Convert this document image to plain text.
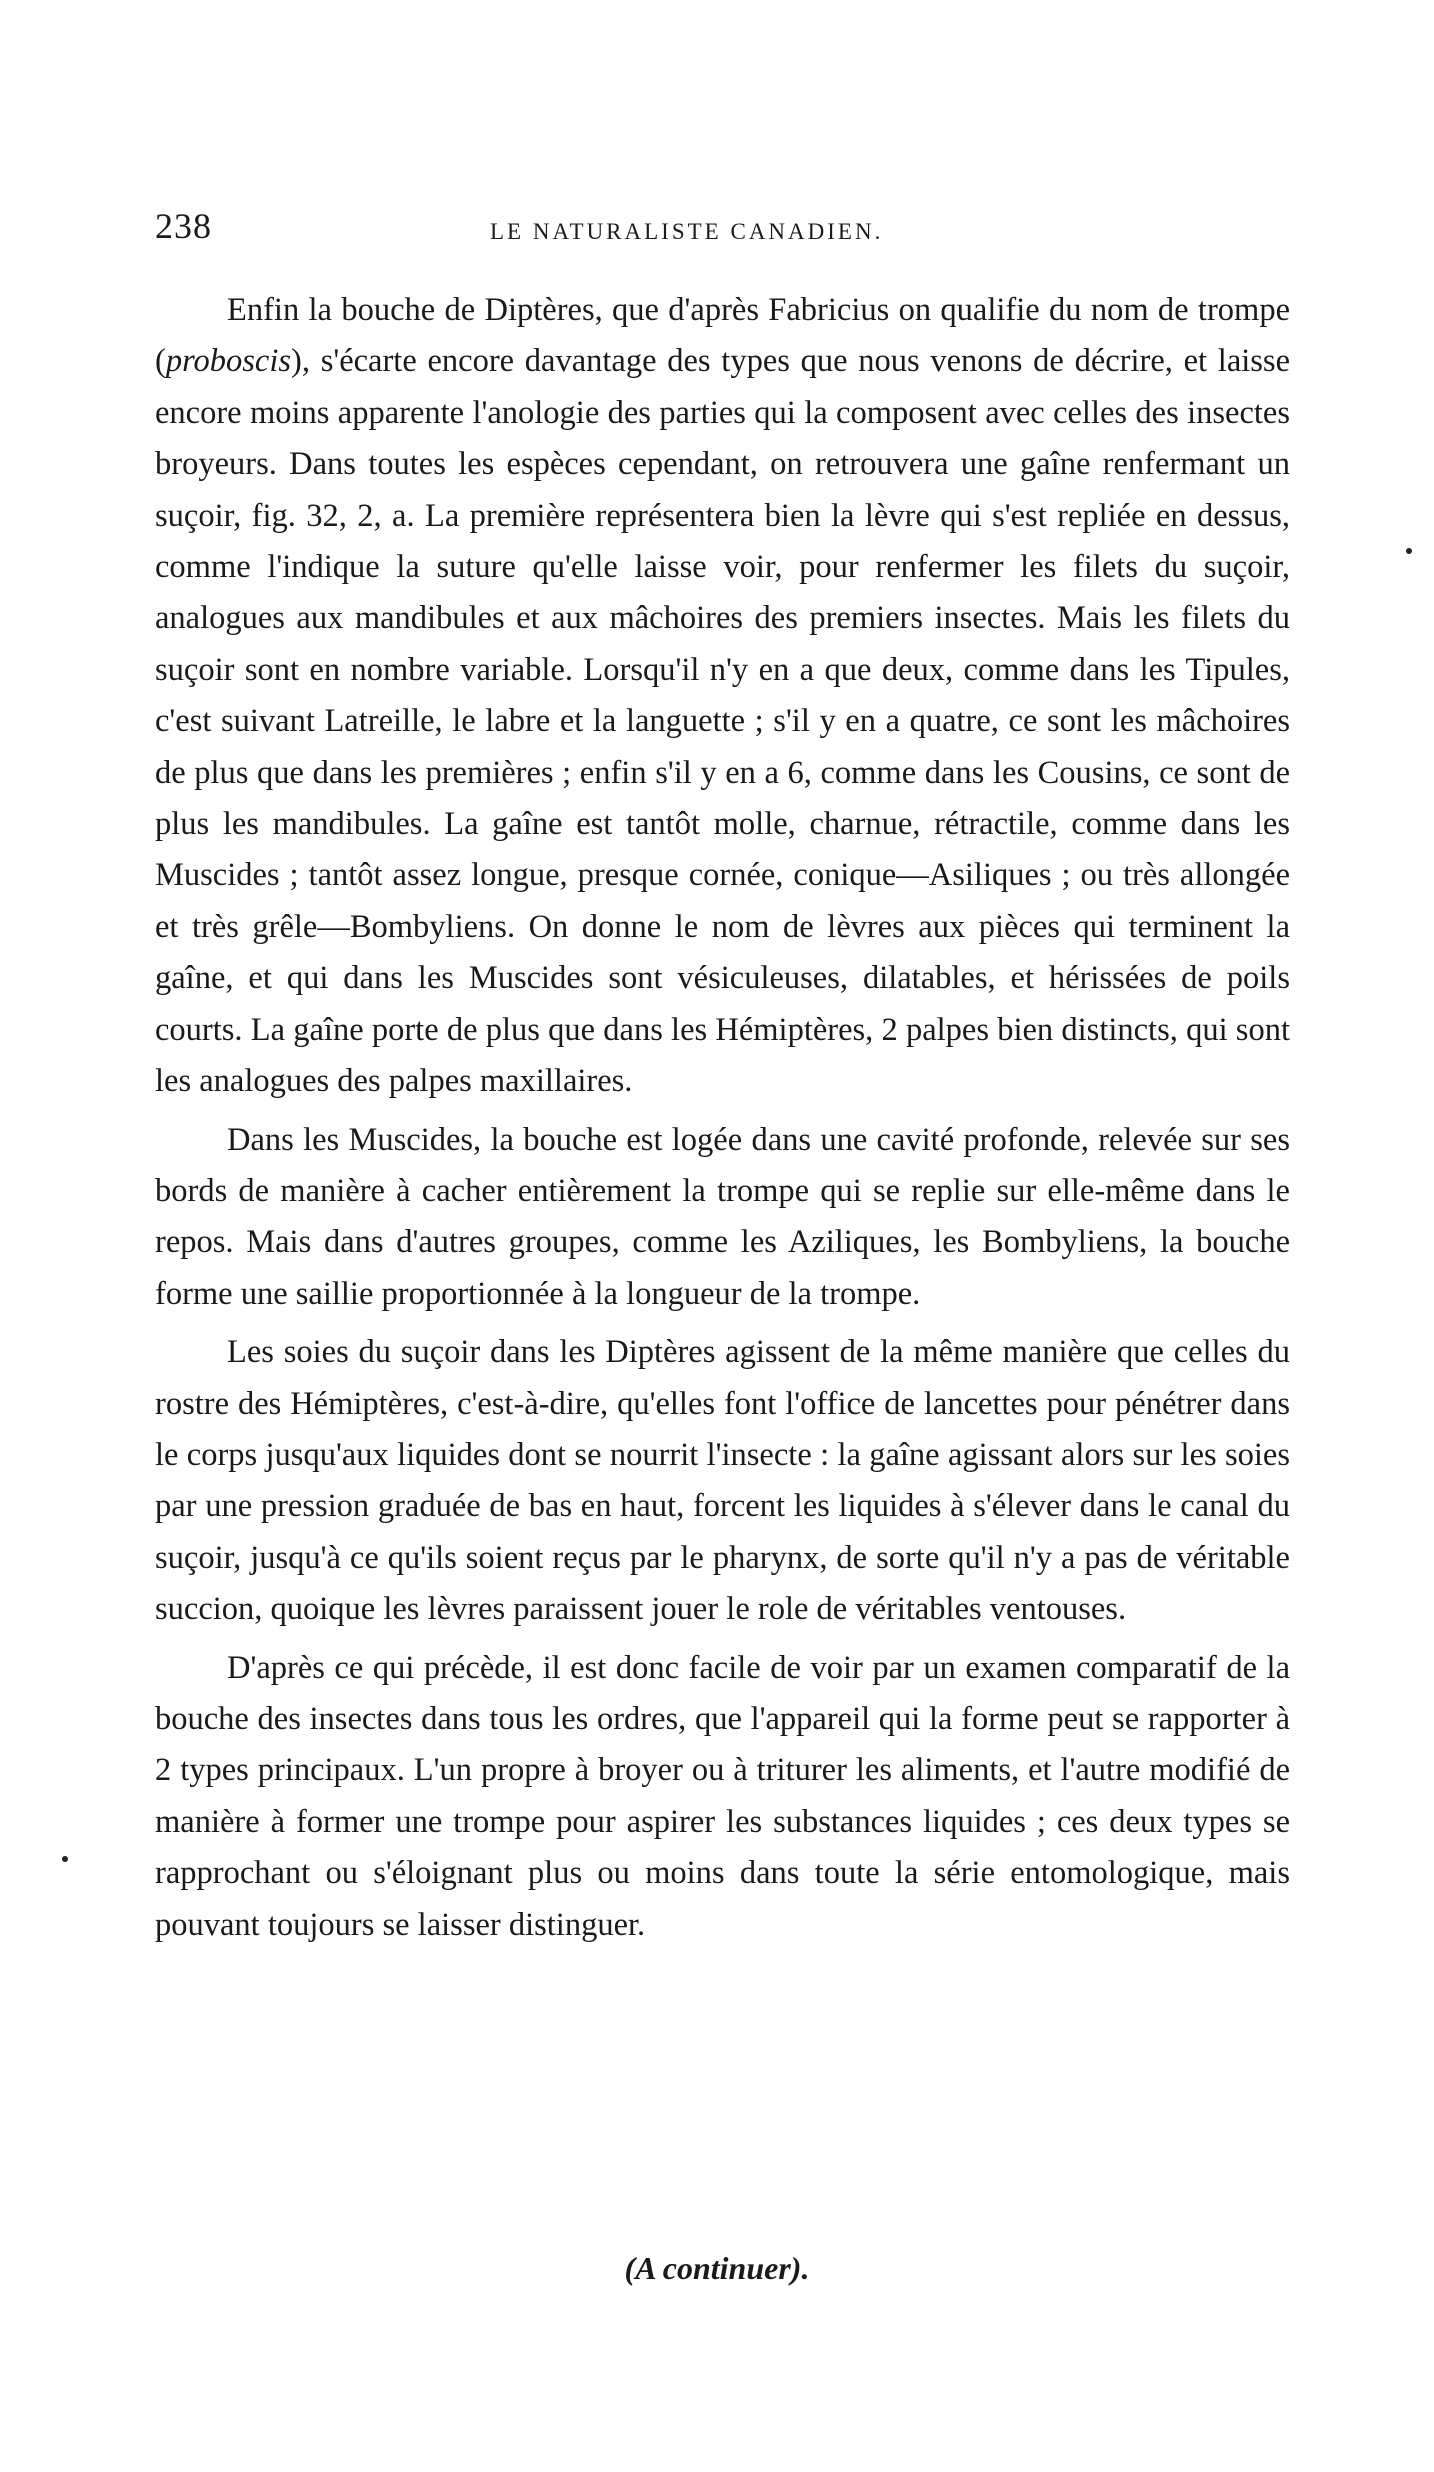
238	LE NATURALISTE CANADIEN.

Enfin la bouche de Diptères, que d'après Fabricius on qualifie du nom de trompe (proboscis), s'écarte encore davantage des types que nous venons de décrire, et laisse encore moins apparente l'anologie des parties qui la composent avec celles des insectes broyeurs. Dans toutes les espèces cependant, on retrouvera une gaîne renfermant un suçoir, fig. 32, 2, a. La première représentera bien la lèvre qui s'est repliée en dessus, comme l'indique la suture qu'elle laisse voir, pour renfermer les filets du suçoir, analogues aux mandibules et aux mâchoires des premiers insectes. Mais les filets du suçoir sont en nombre variable. Lorsqu'il n'y en a que deux, comme dans les Tipules, c'est suivant Latreille, le labre et la languette ; s'il y en a quatre, ce sont les mâchoires de plus que dans les premières ; enfin s'il y en a 6, comme dans les Cousins, ce sont de plus les mandibules. La gaîne est tantôt molle, charnue, rétractile, comme dans les Muscides ; tantôt assez longue, presque cornée, conique—Asiliques ; ou très allongée et très grêle—Bombyliens. On donne le nom de lèvres aux pièces qui terminent la gaîne, et qui dans les Muscides sont vésiculeuses, dilatables, et hérissées de poils courts. La gaîne porte de plus que dans les Hémiptères, 2 palpes bien distincts, qui sont les analogues des palpes maxillaires.

Dans les Muscides, la bouche est logée dans une cavité profonde, relevée sur ses bords de manière à cacher entièrement la trompe qui se replie sur elle-même dans le repos. Mais dans d'autres groupes, comme les Aziliques, les Bombyliens, la bouche forme une saillie proportionnée à la longueur de la trompe.

Les soies du suçoir dans les Diptères agissent de la même manière que celles du rostre des Hémiptères, c'est-à-dire, qu'elles font l'office de lancettes pour pénétrer dans le corps jusqu'aux liquides dont se nourrit l'insecte : la gaîne agissant alors sur les soies par une pression graduée de bas en haut, forcent les liquides à s'élever dans le canal du suçoir, jusqu'à ce qu'ils soient reçus par le pharynx, de sorte qu'il n'y a pas de véritable succion, quoique les lèvres paraissent jouer le role de véritables ventouses.

D'après ce qui précède, il est donc facile de voir par un examen comparatif de la bouche des insectes dans tous les ordres, que l'appareil qui la forme peut se rapporter à 2 types principaux. L'un propre à broyer ou à triturer les aliments, et l'autre modifié de manière à former une trompe pour aspirer les substances liquides ; ces deux types se rapprochant ou s'éloignant plus ou moins dans toute la série entomologique, mais pouvant toujours se laisser distinguer.

(A continuer).
